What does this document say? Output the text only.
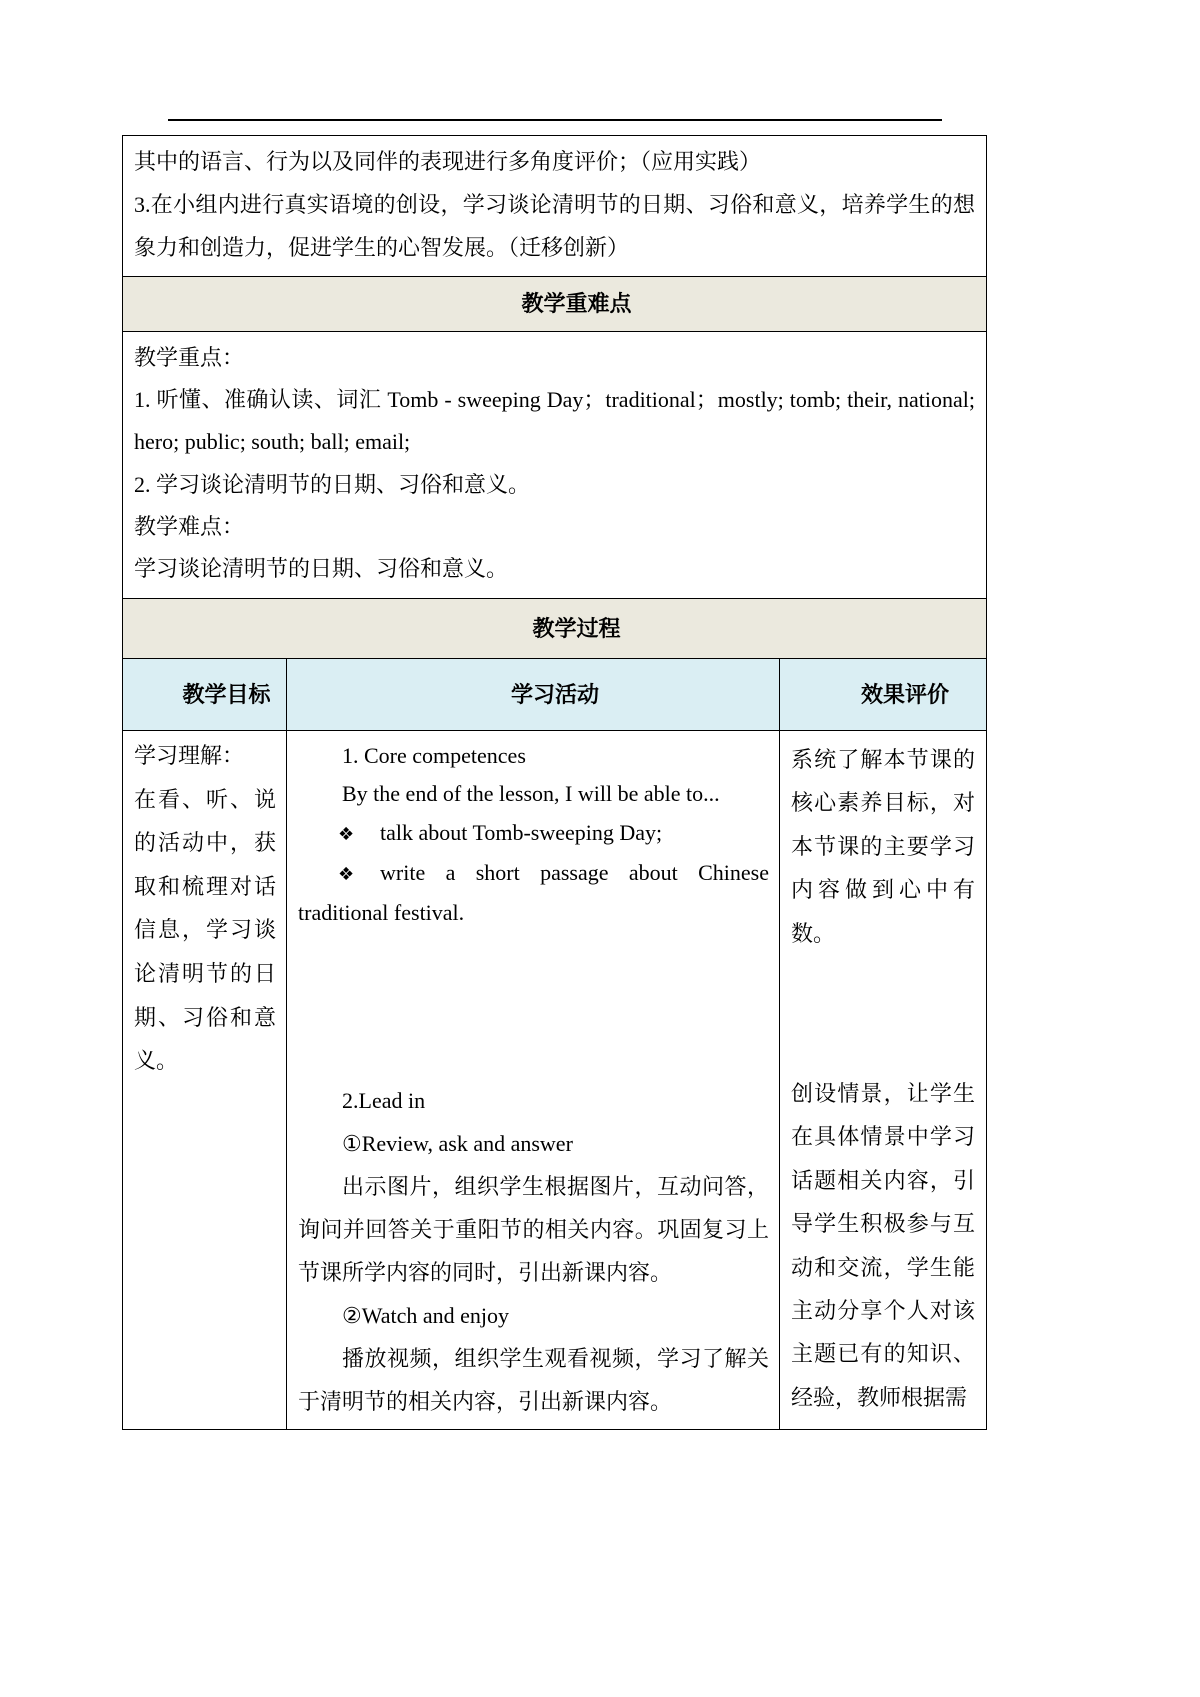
其中的语言、行为以及同伴的表现进行多角度评价；（应用实践）

3.在小组内进行真实语境的创设，学习谈论清明节的日期、习俗和意义，培养学生的想象力和创造力，促进学生的心智发展。（迁移创新）

教学重难点

教学重点：

1. 听懂、准确认读、词汇 Tomb - sweeping Day；traditional；mostly; tomb; their, national; hero; public; south; ball; email;

2. 学习谈论清明节的日期、习俗和意义。

教学难点：

学习谈论清明节的日期、习俗和意义。

教学过程
教学目标	学习活动	效果评价

学习理解：

在看、听、说的活动中，获取和梳理对话信息，学习谈论清明节的日期、习俗和意义。

1. Core competences

By the end of the lesson, I will be able to...

❖ talk about Tomb-sweeping Day;

❖ write a short passage about Chinese traditional festival.

2.Lead in

①Review, ask and answer

出示图片，组织学生根据图片，互动问答，询问并回答关于重阳节的相关内容。巩固复习上节课所学内容的同时，引出新课内容。

②Watch and enjoy

播放视频，组织学生观看视频，学习了解关于清明节的相关内容，引出新课内容。

系统了解本节课的核心素养目标，对本节课的主要学习内容做到心中有数。

创设情景，让学生在具体情景中学习话题相关内容，引导学生积极参与互动和交流，学生能主动分享个人对该主题已有的知识、经验，教师根据需
